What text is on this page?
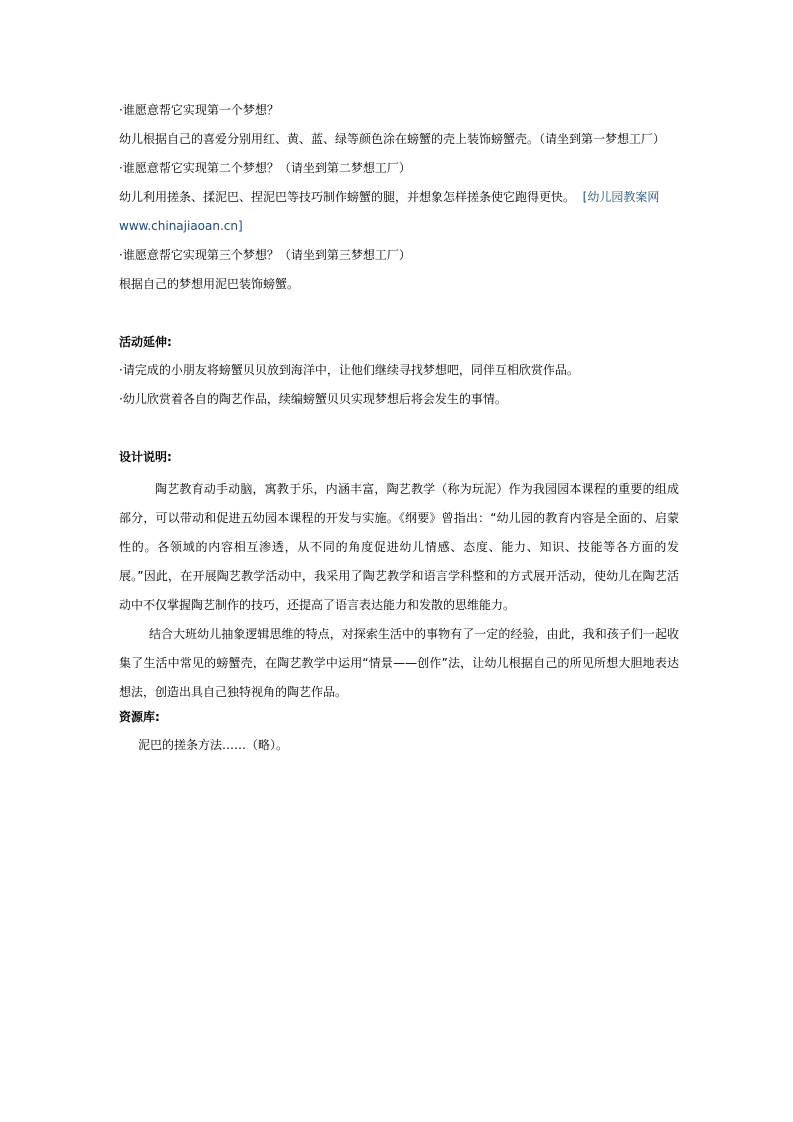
·谁愿意帮它实现第一个梦想？
幼儿根据自己的喜爱分别用红、黄、蓝、绿等颜色涂在螃蟹的壳上装饰螃蟹壳。（请坐到第一梦想工厂）
·谁愿意帮它实现第二个梦想？（请坐到第二梦想工厂）
幼儿利用搓条、揉泥巴、捏泥巴等技巧制作螃蟹的腿，并想象怎样搓条使它跑得更快。 [幼儿园教案网
www.chinajiaoan.cn]
·谁愿意帮它实现第三个梦想？（请坐到第三梦想工厂）
根据自己的梦想用泥巴装饰螃蟹。
活动延伸:
·请完成的小朋友将螃蟹贝贝放到海洋中，让他们继续寻找梦想吧，同伴互相欣赏作品。
·幼儿欣赏着各自的陶艺作品，续编螃蟹贝贝实现梦想后将会发生的事情。
设计说明:
陶艺教育动手动脑，寓教于乐，内涵丰富，陶艺教学（称为玩泥）作为我园园本课程的重要的组成部分，可以带动和促进五幼园本课程的开发与实施。《纲要》曾指出：“幼儿园的教育内容是全面的、启蒙性的。各领域的内容相互渗透，从不同的角度促进幼儿情感、态度、能力、知识、技能等各方面的发展。”因此，在开展陶艺教学活动中，我采用了陶艺教学和语言学科整和的方式展开活动，使幼儿在陶艺活动中不仅掌握陶艺制作的技巧，还提高了语言表达能力和发散的思维能力。
结合大班幼儿抽象逻辑思维的特点，对探索生活中的事物有了一定的经验，由此，我和孩子们一起收集了生活中常见的螃蟹壳，在陶艺教学中运用“情景——创作”法，让幼儿根据自己的所见所想大胆地表达想法，创造出具自己独特视角的陶艺作品。
资源库:
泥巴的搓条方法……（略）。
